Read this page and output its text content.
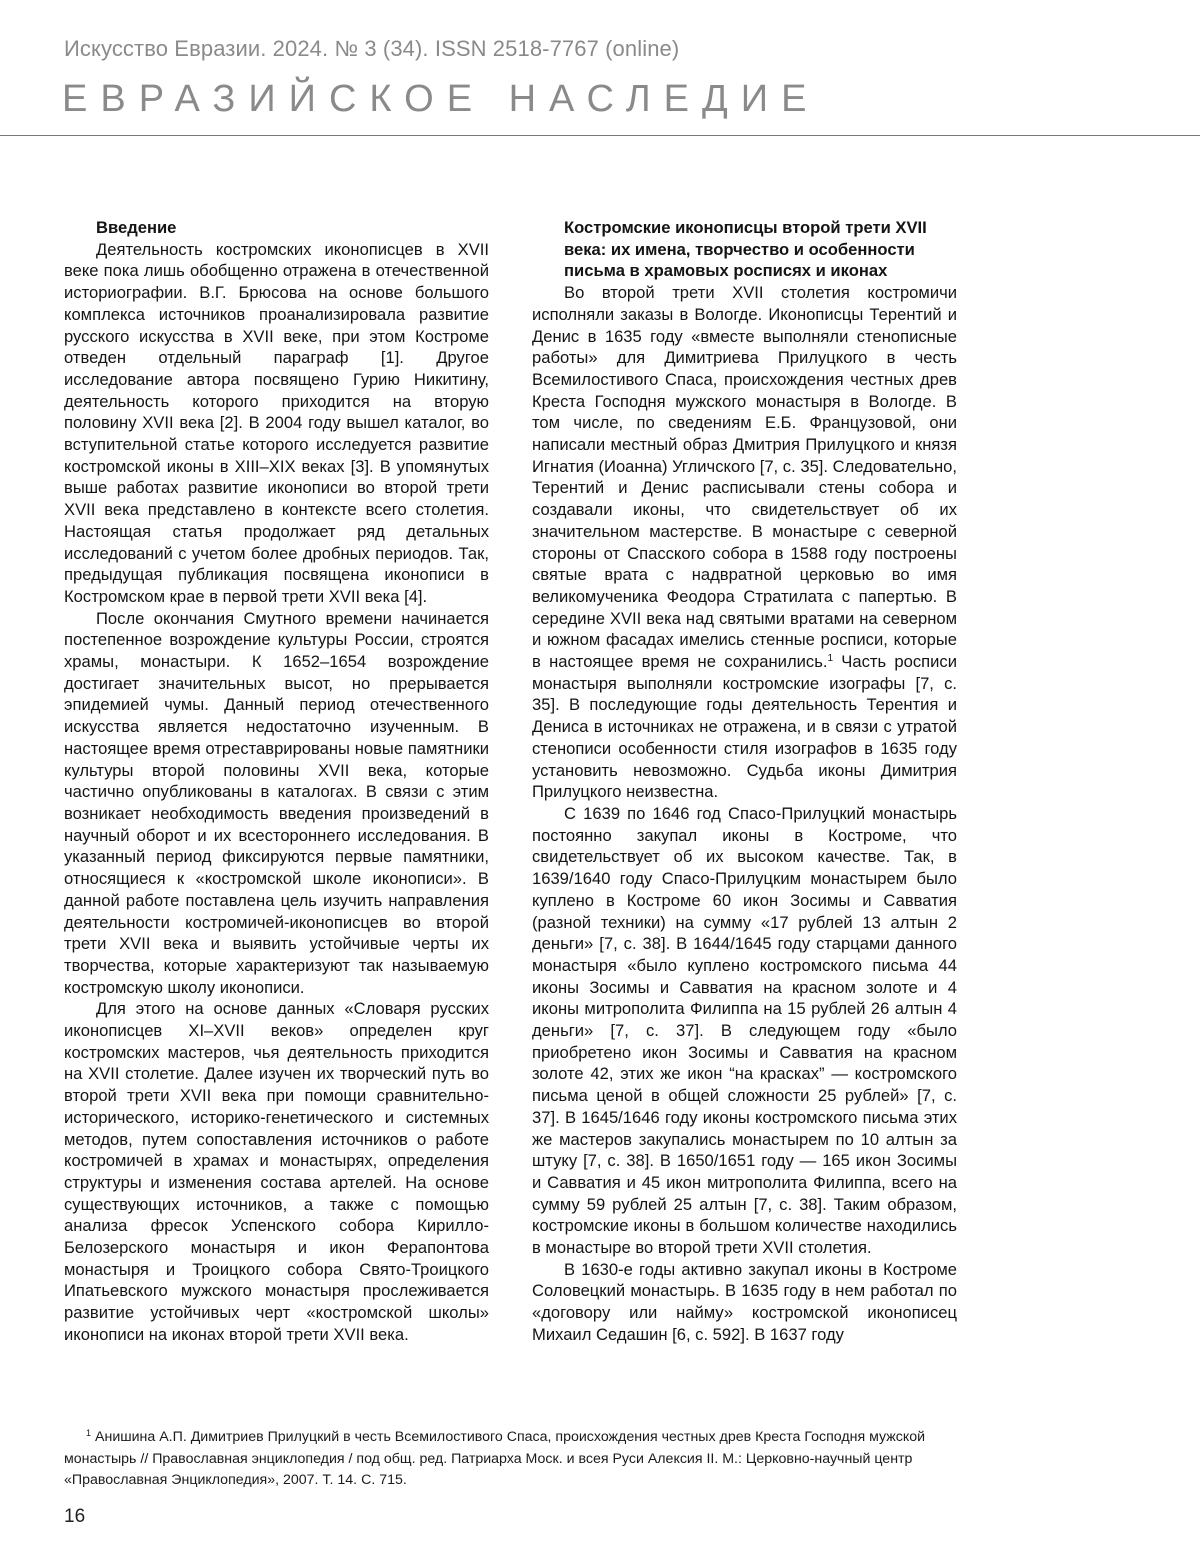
Искусство Евразии. 2024. № 3 (34). ISSN 2518-7767 (online)
ЕВРАЗИЙСКОЕ НАСЛЕДИЕ
Введение

Деятельность костромских иконописцев в XVII веке пока лишь обобщенно отражена в отечественной историографии. В.Г. Брюсова на основе большого комплекса источников проанализировала развитие русского искусства в XVII веке, при этом Костроме отведен отдельный параграф [1]. Другое исследование автора посвящено Гурию Никитину, деятельность которого приходится на вторую половину XVII века [2]. В 2004 году вышел каталог, во вступительной статье которого исследуется развитие костромской иконы в XIII–XIX веках [3]. В упомянутых выше работах развитие иконописи во второй трети XVII века представлено в контексте всего столетия. Настоящая статья продолжает ряд детальных исследований с учетом более дробных периодов. Так, предыдущая публикация посвящена иконописи в Костромском крае в первой трети XVII века [4].

После окончания Смутного времени начинается постепенное возрождение культуры России, строятся храмы, монастыри. К 1652–1654 возрождение достигает значительных высот, но прерывается эпидемией чумы. Данный период отечественного искусства является недостаточно изученным. В настоящее время отреставрированы новые памятники культуры второй половины XVII века, которые частично опубликованы в каталогах. В связи с этим возникает необходимость введения произведений в научный оборот и их всестороннего исследования. В указанный период фиксируются первые памятники, относящиеся к «костромской школе иконописи». В данной работе поставлена цель изучить направления деятельности костромичей-иконописцев во второй трети XVII века и выявить устойчивые черты их творчества, которые характеризуют так называемую костромскую школу иконописи.

Для этого на основе данных «Словаря русских иконописцев XI–XVII веков» определен круг костромских мастеров, чья деятельность приходится на XVII столетие. Далее изучен их творческий путь во второй трети XVII века при помощи сравнительно-исторического, историко-генетического и системных методов, путем сопоставления источников о работе костромичей в храмах и монастырях, определения структуры и изменения состава артелей. На основе существующих источников, а также с помощью анализа фресок Успенского собора Кирилло-Белозерского монастыря и икон Ферапонтова монастыря и Троицкого собора Свято-Троицкого Ипатьевского мужского монастыря прослеживается развитие устойчивых черт «костромской школы» иконописи на иконах второй трети XVII века.

Костромские иконописцы второй трети XVII века: их имена, творчество и особенности письма в храмовых росписях и иконах

Во второй трети XVII столетия костромичи исполняли заказы в Вологде. Иконописцы Терентий и Денис в 1635 году «вместе выполняли стенописные работы» для Димитриева Прилуцкого в честь Всемилостивого Спаса, происхождения честных древ Креста Господня мужского монастыря в Вологде. В том числе, по сведениям Е.Б. Французовой, они написали местный образ Дмитрия Прилуцкого и князя Игнатия (Иоанна) Угличского [7, с. 35]. Следовательно, Терентий и Денис расписывали стены собора и создавали иконы, что свидетельствует об их значительном мастерстве. В монастыре с северной стороны от Спасского собора в 1588 году построены святые врата с надвратной церковью во имя великомученика Феодора Стратилата с папертью. В середине XVII века над святыми вратами на северном и южном фасадах имелись стенные росписи, которые в настоящее время не сохранились.$^1$ Часть росписи монастыря выполняли костромские изографы [7, с. 35]. В последующие годы деятельность Терентия и Дениса в источниках не отражена, и в связи с утратой стенописи особенности стиля изографов в 1635 году установить невозможно. Судьба иконы Димитрия Прилуцкого неизвестна.

С 1639 по 1646 год Спасо-Прилуцкий монастырь постоянно закупал иконы в Костроме, что свидетельствует об их высоком качестве. Так, в 1639/1640 году Спасо-Прилуцким монастырем было куплено в Костроме 60 икон Зосимы и Савватия (разной техники) на сумму «17 рублей 13 алтын 2 деньги» [7, с. 38]. В 1644/1645 году старцами данного монастыря «было куплено костромского письма 44 иконы Зосимы и Савватия на красном золоте и 4 иконы митрополита Филиппа на 15 рублей 26 алтын 4 деньги» [7, с. 37]. В следующем году «было приобретено икон Зосимы и Савватия на красном золоте 42, этих же икон “на красках” — костромского письма ценой в общей сложности 25 рублей» [7, с. 37]. В 1645/1646 году иконы костромского письма этих же мастеров закупались монастырем по 10 алтын за штуку [7, с. 38]. В 1650/1651 году — 165 икон Зосимы и Савватия и 45 икон митрополита Филиппа, всего на сумму 59 рублей 25 алтын [7, с. 38]. Таким образом, костромские иконы в большом количестве находились в монастыре во второй трети XVII столетия.

В 1630-е годы активно закупал иконы в Костроме Соловецкий монастырь. В 1635 году в нем работал по «договору или найму» костромской иконописец Михаил Седашин [6, с. 592]. В 1637 году

$^1$ Анишина А.П. Димитриев Прилуцкий в честь Всемилостивого Спаса, происхождения честных древ Креста Господня мужской монастырь // Православная энциклопедия / под общ. ред. Патриарха Моск. и всея Руси Алексия II. М.: Церковно-научный центр «Православная Энциклопедия», 2007. Т. 14. С. 715.
16
